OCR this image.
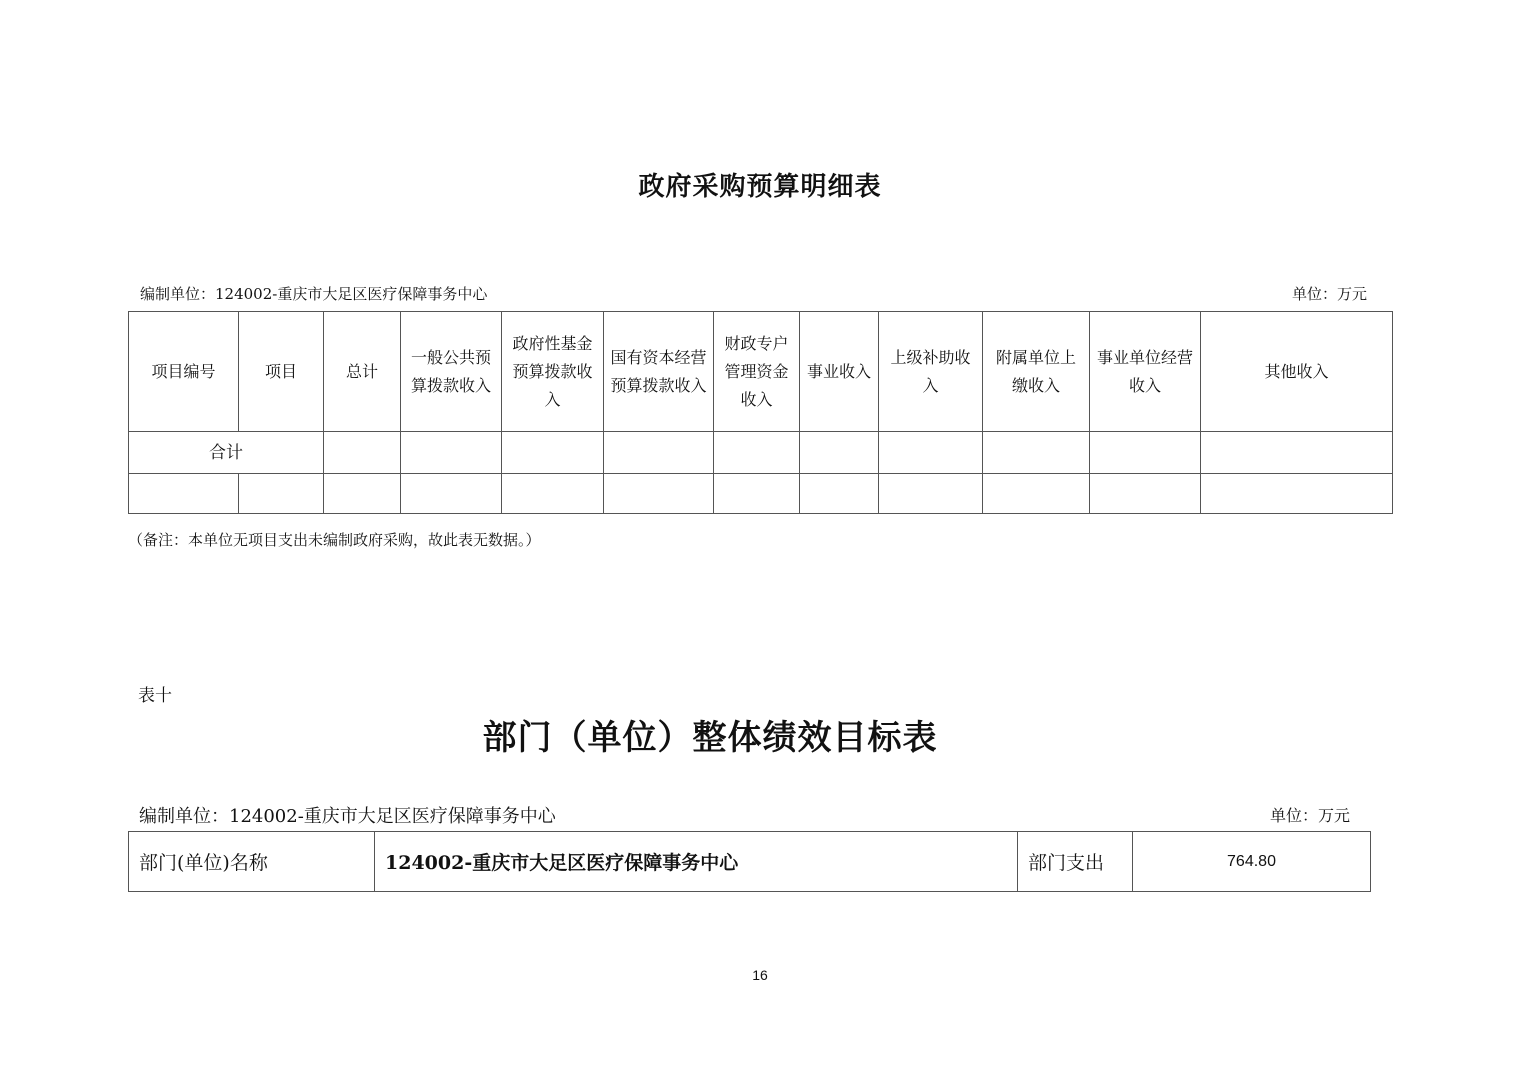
政府采购预算明细表
编制单位：124002-重庆市大足区医疗保障事务中心	单位：万元
项目编号	项目	总计	一般公共预算拨款收入	政府性基金预算拨款收入	国有资本经营预算拨款收入	财政专户管理资金收入	事业收入	上级补助收入	附属单位上缴收入	事业单位经营收入	其他收入
合计											

（备注：本单位无项目支出未编制政府采购，故此表无数据。）
表十
部门（单位）整体绩效目标表
编制单位：124002-重庆市大足区医疗保障事务中心	单位：万元
部门(单位)名称	124002-重庆市大足区医疗保障事务中心	部门支出	764.80
16
